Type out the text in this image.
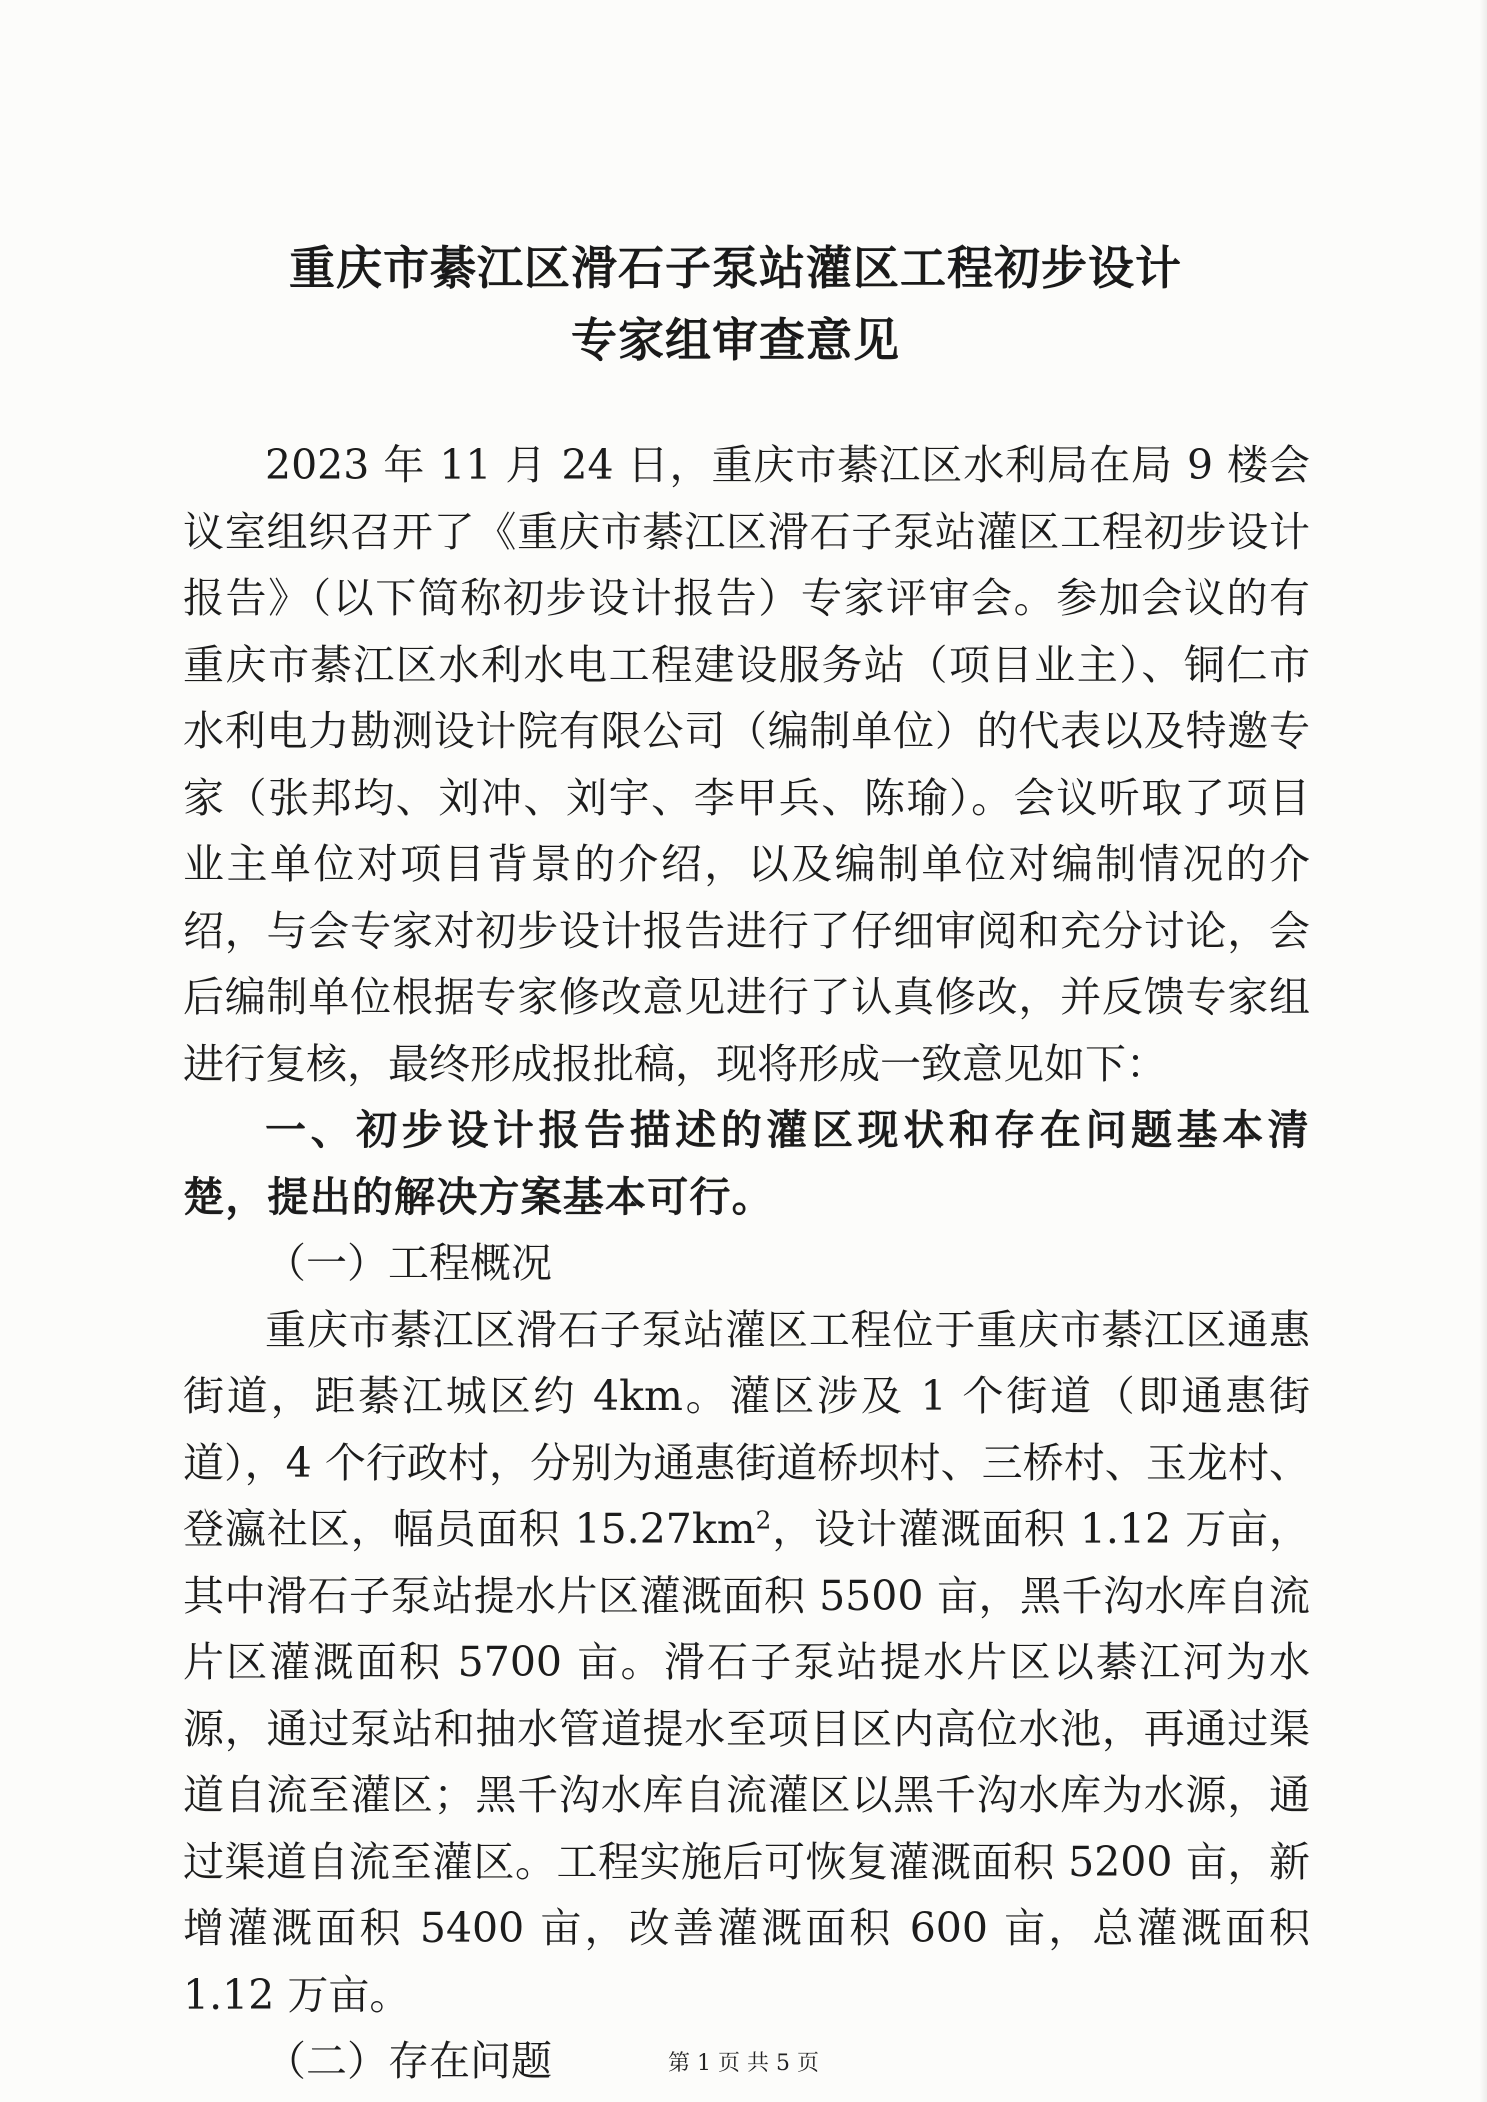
重庆市綦江区滑石子泵站灌区工程初步设计
专家组审查意见

2023 年 11 月 24 日，重庆市綦江区水利局在局 9 楼会议室组织召开了《重庆市綦江区滑石子泵站灌区工程初步设计报告》（以下简称初步设计报告）专家评审会。参加会议的有重庆市綦江区水利水电工程建设服务站（项目业主）、铜仁市水利电力勘测设计院有限公司（编制单位）的代表以及特邀专家（张邦均、刘冲、刘宇、李甲兵、陈瑜）。会议听取了项目业主单位对项目背景的介绍，以及编制单位对编制情况的介绍，与会专家对初步设计报告进行了仔细审阅和充分讨论，会后编制单位根据专家修改意见进行了认真修改，并反馈专家组进行复核，最终形成报批稿，现将形成一致意见如下：

一、初步设计报告描述的灌区现状和存在问题基本清楚，提出的解决方案基本可行。

（一）工程概况

重庆市綦江区滑石子泵站灌区工程位于重庆市綦江区通惠街道，距綦江城区约 4km。灌区涉及 1 个街道（即通惠街道），4 个行政村，分别为通惠街道桥坝村、三桥村、玉龙村、登瀛社区，幅员面积 $15.27km^2$，设计灌溉面积 1.12 万亩，其中滑石子泵站提水片区灌溉面积 5500 亩，黑千沟水库自流片区灌溉面积 5700 亩。滑石子泵站提水片区以綦江河为水源，通过泵站和抽水管道提水至项目区内高位水池，再通过渠道自流至灌区；黑千沟水库自流灌区以黑千沟水库为水源，通过渠道自流至灌区。工程实施后可恢复灌溉面积 5200 亩，新增灌溉面积 5400 亩，改善灌溉面积 600 亩，总灌溉面积 1.12 万亩。

（二）存在问题	第 1 页 共 5 页
